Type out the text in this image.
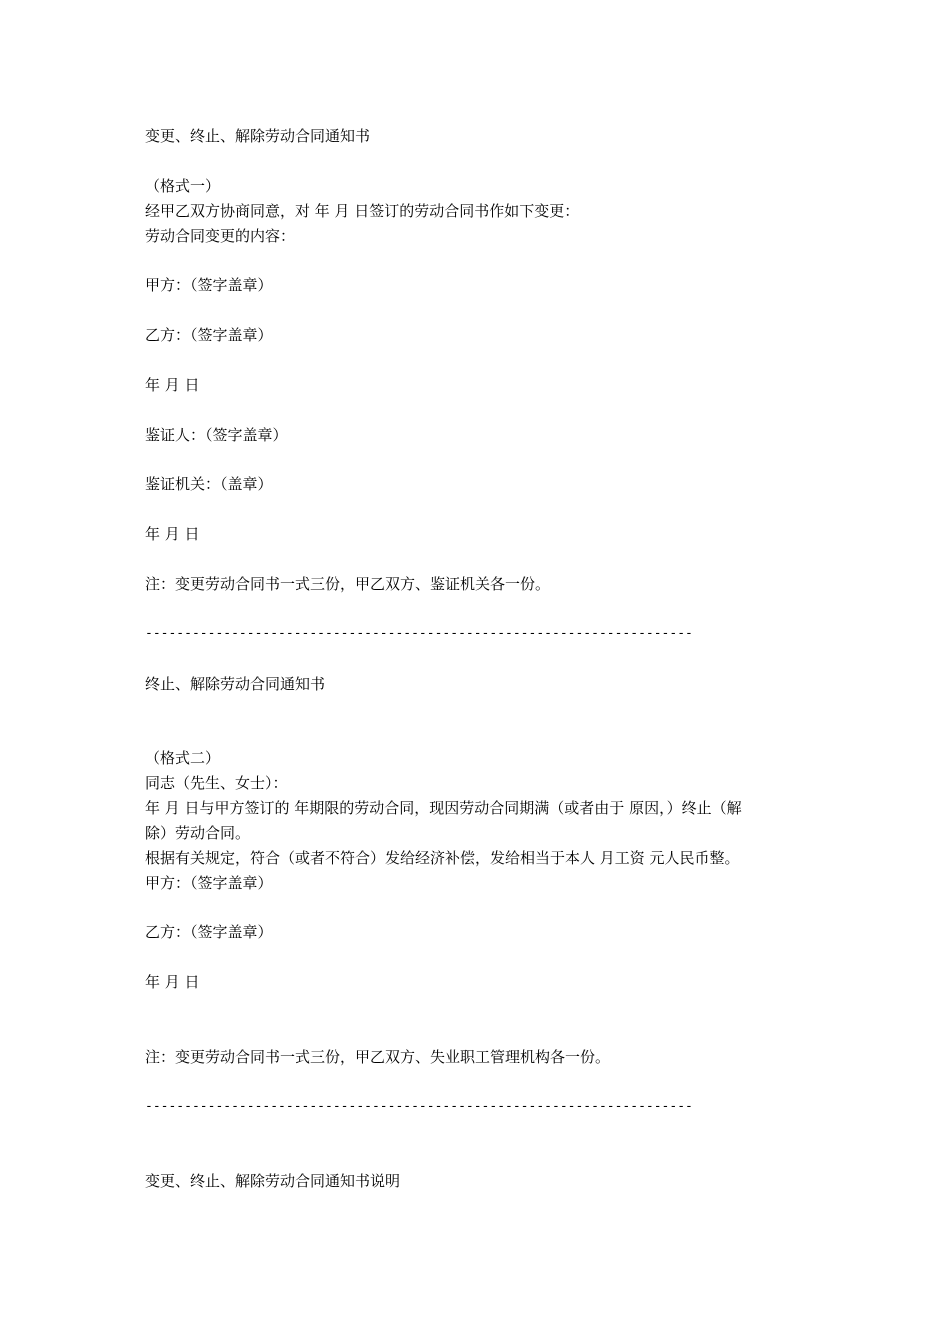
变更、终止、解除劳动合同通知书

（格式一）

经甲乙双方协商同意，对 年 月 日签订的劳动合同书作如下变更：

劳动合同变更的内容：

甲方：（签字盖章）

乙方：（签字盖章）

年 月 日

鉴证人：（签字盖章）

鉴证机关：（盖章）

年 月 日

注：变更劳动合同书一式三份，甲乙双方、鉴证机关各一份。

----------------------------------------------------------------------

终止、解除劳动合同通知书

（格式二）

同志（先生、女士）：

年 月 日与甲方签订的 年期限的劳动合同，现因劳动合同期满（或者由于 原因，）终止（解

除）劳动合同。

根据有关规定，符合（或者不符合）发给经济补偿，发给相当于本人 月工资 元人民币整。

甲方：（签字盖章）

乙方：（签字盖章）

年 月 日

注：变更劳动合同书一式三份，甲乙双方、失业职工管理机构各一份。

----------------------------------------------------------------------

变更、终止、解除劳动合同通知书说明
